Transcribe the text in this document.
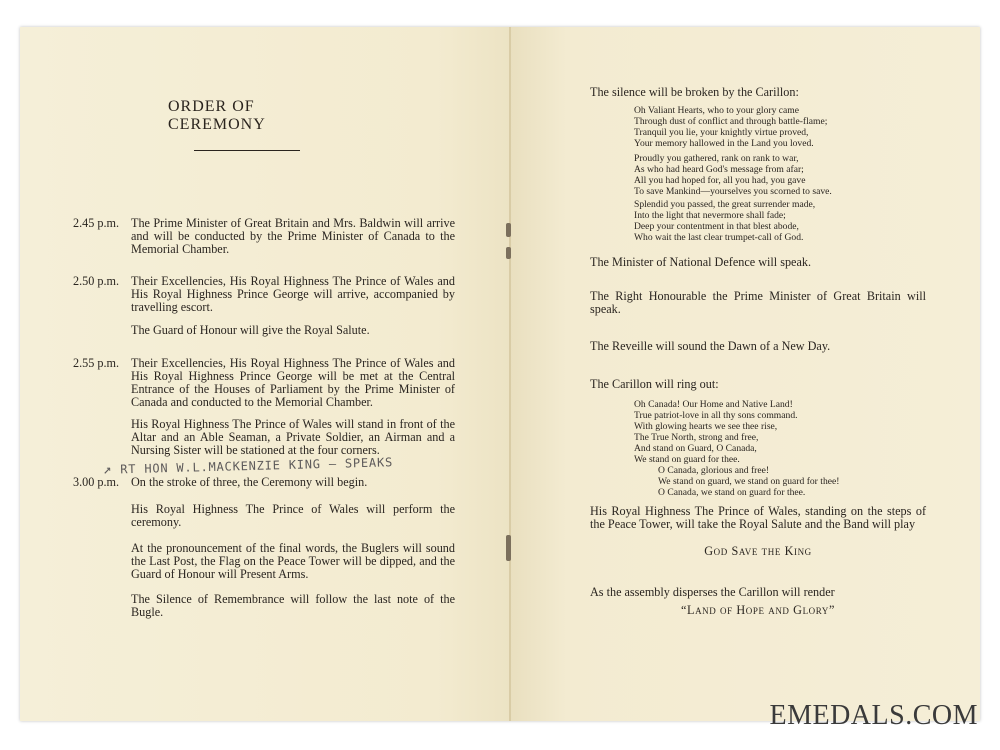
ORDER OF CEREMONY
2.45 p.m. The Prime Minister of Great Britain and Mrs. Baldwin will arrive and will be conducted by the Prime Minister of Canada to the Memorial Chamber.
2.50 p.m. Their Excellencies, His Royal Highness The Prince of Wales and His Royal Highness Prince George will arrive, accompanied by travelling escort.
The Guard of Honour will give the Royal Salute.
2.55 p.m. Their Excellencies, His Royal Highness The Prince of Wales and His Royal Highness Prince George will be met at the Central Entrance of the Houses of Parliament by the Prime Minister of Canada and conducted to the Memorial Chamber.
His Royal Highness The Prince of Wales will stand in front of the Altar and an Able Seaman, a Private Soldier, an Airman and a Nursing Sister will be stationed at the four corners.
3.00 p.m. On the stroke of three, the Ceremony will begin.
↗ RT HON W.L.MACKENZIE KING — SPEAKS
His Royal Highness The Prince of Wales will perform the ceremony.
At the pronouncement of the final words, the Buglers will sound the Last Post, the Flag on the Peace Tower will be dipped, and the Guard of Honour will Present Arms.
The Silence of Remembrance will follow the last note of the Bugle.
The silence will be broken by the Carillon:
Oh Valiant Hearts, who to your glory came
Through dust of conflict and through battle-flame;
Tranquil you lie, your knightly virtue proved,
Your memory hallowed in the Land you loved.
Proudly you gathered, rank on rank to war,
As who had heard God's message from afar;
All you had hoped for, all you had, you gave
To save Mankind—yourselves you scorned to save.
Splendid you passed, the great surrender made,
Into the light that nevermore shall fade;
Deep your contentment in that blest abode,
Who wait the last clear trumpet-call of God.
The Minister of National Defence will speak.
The Right Honourable the Prime Minister of Great Britain will speak.
The Reveille will sound the Dawn of a New Day.
The Carillon will ring out:
Oh Canada! Our Home and Native Land!
True patriot-love in all thy sons command.
With glowing hearts we see thee rise,
The True North, strong and free,
And stand on Guard, O Canada,
We stand on guard for thee.
O Canada, glorious and free!
We stand on guard, we stand on guard for thee!
O Canada, we stand on guard for thee.
His Royal Highness The Prince of Wales, standing on the steps of the Peace Tower, will take the Royal Salute and the Band will play
God Save the King
As the assembly disperses the Carillon will render
“Land of Hope and Glory”
EMEDALS.COM
